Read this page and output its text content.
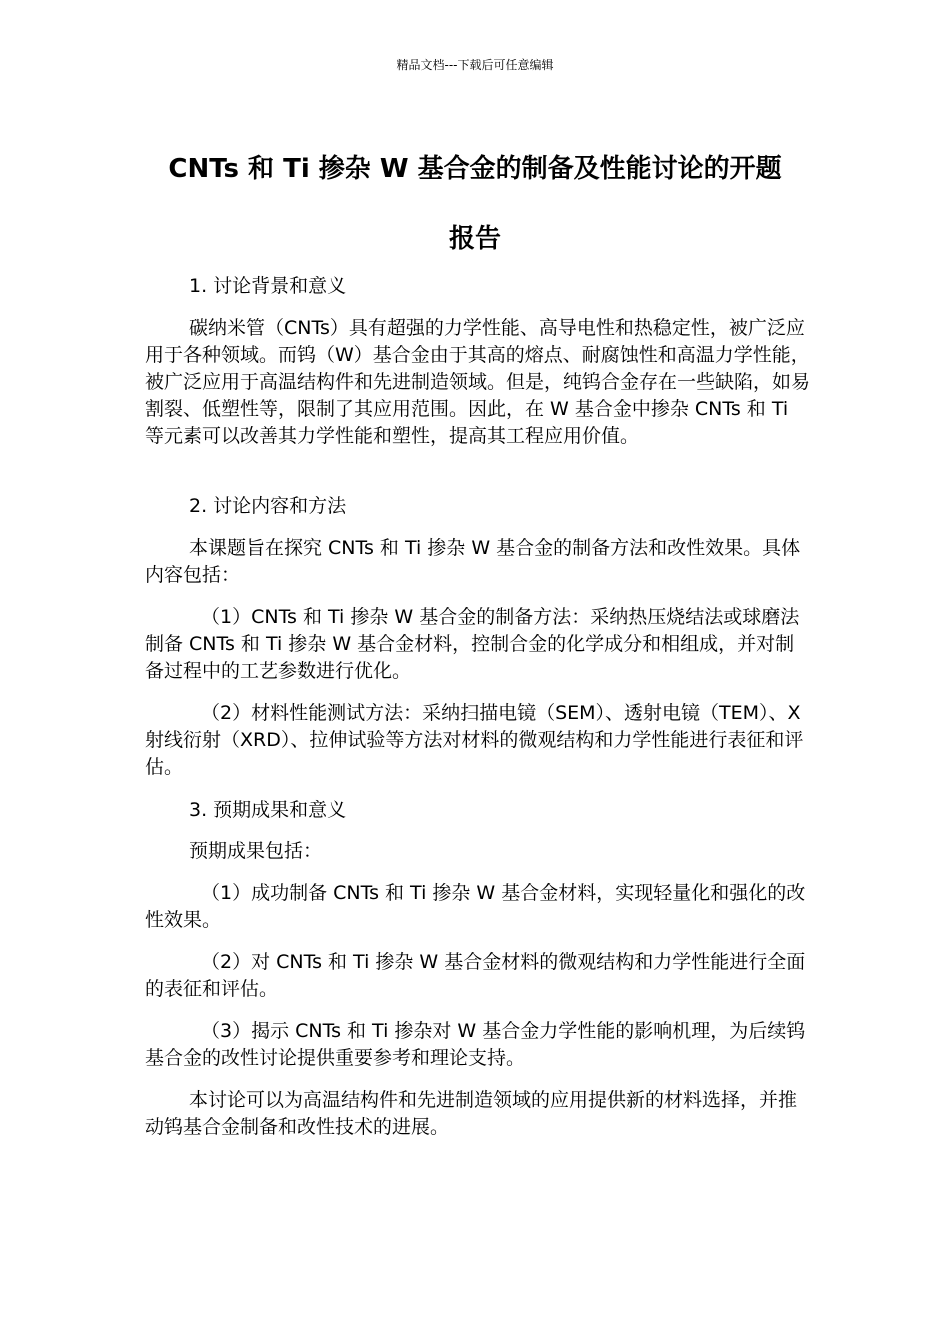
精品文档---下载后可任意编辑
CNTs 和 Ti 掺杂 W 基合金的制备及性能讨论的开题
报告

1. 讨论背景和意义

碳纳米管（CNTs）具有超强的力学性能、高导电性和热稳定性，被广泛应用于各种领域。而钨（W）基合金由于其高的熔点、耐腐蚀性和高温力学性能，被广泛应用于高温结构件和先进制造领域。但是，纯钨合金存在一些缺陷，如易割裂、低塑性等，限制了其应用范围。因此，在 W 基合金中掺杂 CNTs 和 Ti 等元素可以改善其力学性能和塑性，提高其工程应用价值。

2. 讨论内容和方法

本课题旨在探究 CNTs 和 Ti 掺杂 W 基合金的制备方法和改性效果。具体内容包括：

（1）CNTs 和 Ti 掺杂 W 基合金的制备方法：采纳热压烧结法或球磨法制备 CNTs 和 Ti 掺杂 W 基合金材料，控制合金的化学成分和相组成，并对制备过程中的工艺参数进行优化。

（2）材料性能测试方法：采纳扫描电镜（SEM）、透射电镜（TEM）、X 射线衍射（XRD）、拉伸试验等方法对材料的微观结构和力学性能进行表征和评估。

3. 预期成果和意义

预期成果包括：

（1）成功制备 CNTs 和 Ti 掺杂 W 基合金材料，实现轻量化和强化的改性效果。

（2）对 CNTs 和 Ti 掺杂 W 基合金材料的微观结构和力学性能进行全面的表征和评估。

（3）揭示 CNTs 和 Ti 掺杂对 W 基合金力学性能的影响机理，为后续钨基合金的改性讨论提供重要参考和理论支持。

本讨论可以为高温结构件和先进制造领域的应用提供新的材料选择，并推动钨基合金制备和改性技术的进展。
